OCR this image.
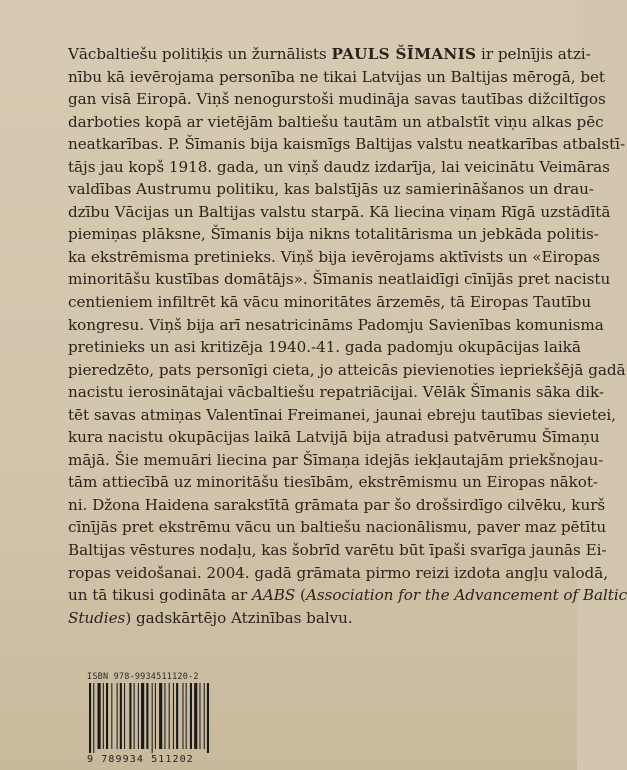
Vācbaltiešu politiķis un žurnālists PAULS ŠĪMANIS ir pelnījis atzi-
nību kā ievērojama personība ne tikai Latvijas un Baltijas mērogā, bet
gan visā Eiropā. Viņš nenogurstoši mudināja savas tautības dižciltīgos
darboties kopā ar vietējām baltiešu tautām un atbalstīt viņu alkas pēc
neatkarības. P. Šīmanis bija kaismīgs Baltijas valstu neatkarības atbalstī-
tājs jau kopš 1918. gada, un viņš daudz izdarīja, lai veicinātu Veimāras
valdības Austrumu politiku, kas balstījās uz samierināšanos un drau-
dzību Vācijas un Baltijas valstu starpā. Kā liecina viņam Rīgā uzstādītā
piemiņas plāksne, Šīmanis bija nikns totalitārisma un jebkāda politis-
ka ekstrēmisma pretinieks. Viņš bija ievērojams aktīvists un «Eiropas
minoritāšu kustības domātājs». Šīmanis neatlaidīgi cīnījās pret nacistu
centieniem infiltrēt kā vācu minoritātes ārzemēs, tā Eiropas Tautību
kongresu. Viņš bija arī nesatricināms Padomju Savienības komunisma
pretinieks un asi kritizēja 1940.-41. gada padomju okupācijas laikā
pieredzēto, pats personīgi cieta, jo atteicās pievienoties iepriekšējā gadā
nacistu ierosinātajai vācbaltiešu repatriācijai. Vēlāk Šīmanis sāka dik-
tēt savas atmiņas Valentīnai Freimanei, jaunai ebreju tautības sievietei,
kura nacistu okupācijas laikā Latvijā bija atradusi patvērumu Šīmaņu
mājā. Šie memuāri liecina par Šīmaņa idejās iekļautajām priekšnojau-
tām attiecībā uz minoritāšu tiesībām, ekstrēmismu un Eiropas nākot-
ni. Džona Haidena sarakstītā grāmata par šo drošsirdīgo cilvēku, kurš
cīnījās pret ekstrēmu vācu un baltiešu nacionālismu, paver maz pētītu
Baltijas vēstures nodaļu, kas šobrīd varētu būt īpaši svarīga jaunās Ei-
ropas veidošanai. 2004. gadā grāmata pirmo reizi izdota angļu valodā,
un tā tikusi godināta ar AABS (Association for the Advancement of Baltic
Studies) gadskārtējo Atzinības balvu.
ISBN 978-9934511120-2
9 789934 511202
